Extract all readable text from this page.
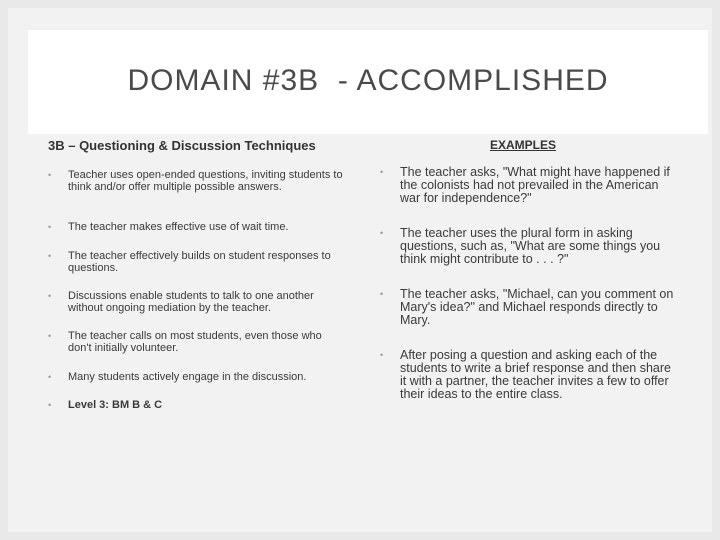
DOMAIN #3B  - ACCOMPLISHED
3B – Questioning & Discussion Techniques	EXAMPLES
• Teacher uses open-ended questions, inviting students to think and/or offer multiple possible answers.
• The teacher makes effective use of wait time.
• The teacher effectively builds on student responses to questions.
• Discussions enable students to talk to one another without ongoing mediation by the teacher.
• The teacher calls on most students, even those who don't initially volunteer.
• Many students actively engage in the discussion.
• Level 3: BM B & C
• The teacher asks, "What might have happened if the colonists had not prevailed in the American war for independence?"
• The teacher uses the plural form in asking questions, such as, "What are some things you think might contribute to . . . ?"
• The teacher asks, "Michael, can you comment on Mary's idea?" and Michael responds directly to Mary.
• After posing a question and asking each of the students to write a brief response and then share it with a partner, the teacher invites a few to offer their ideas to the entire class.
